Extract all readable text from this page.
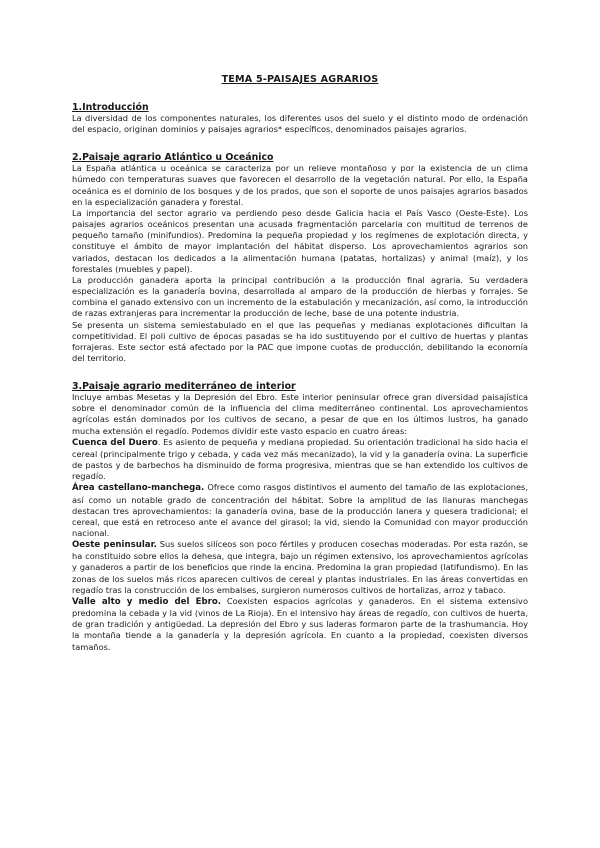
TEMA 5-PAISAJES AGRARIOS
1.Introducción

La diversidad de los componentes naturales, los diferentes usos del suelo y el distinto modo de ordenación del espacio, originan dominios y paisajes agrarios* específicos, denominados paisajes agrarios.

2.Paisaje agrario Atlántico u Oceánico

La España atlántica u oceánica se caracteriza por un relieve montañoso y por la existencia de un clima húmedo con temperaturas suaves que favorecen el desarrollo de la vegetación natural. Por ello, la España oceánica es el dominio de los bosques y de los prados, que son el soporte de unos paisajes agrarios basados en la especialización ganadera y forestal.

La importancia del sector agrario va perdiendo peso desde Galicia hacia el País Vasco (Oeste-Este). Los paisajes agrarios oceánicos presentan una acusada fragmentación parcelaria con multitud de terrenos de pequeño tamaño (minifundios). Predomina la pequeña propiedad y los regímenes de explotación directa, y constituye el ámbito de mayor implantación del hábitat disperso. Los aprovechamientos agrarios son variados, destacan los dedicados a la alimentación humana (patatas, hortalizas) y animal (maíz), y los forestales (muebles y papel).

La producción ganadera aporta la principal contribución a la producción final agraria. Su verdadera especialización es la ganadería bovina, desarrollada al amparo de la producción de hierbas y forrajes. Se combina el ganado extensivo con un incremento de la estabulación y mecanización, así como, la introducción de razas extranjeras para incrementar la producción de leche, base de una potente industria.

Se presenta un sistema semiestabulado en el que las pequeñas y medianas explotaciones dificultan la competitividad. El poli cultivo de épocas pasadas se ha ido sustituyendo por el cultivo de huertas y plantas forrajeras. Este sector está afectado por la PAC que impone cuotas de producción, debilitando la economía del territorio.

3.Paisaje agrario mediterráneo de interior

Incluye ambas Mesetas y la Depresión del Ebro. Este interior peninsular ofrece gran diversidad paisajística sobre el denominador común de la influencia del clima mediterráneo continental. Los aprovechamientos agrícolas están dominados por los cultivos de secano, a pesar de que en los últimos lustros, ha ganado mucha extensión el regadío. Podemos dividir este vasto espacio en cuatro áreas:

Cuenca del Duero. Es asiento de pequeña y mediana propiedad. Su orientación tradicional ha sido hacia el cereal (principalmente trigo y cebada, y cada vez más mecanizado), la vid y la ganadería ovina. La superficie de pastos y de barbechos ha disminuido de forma progresiva, mientras que se han extendido los cultivos de regadío.

Área castellano-manchega. Ofrece como rasgos distintivos el aumento del tamaño de las explotaciones, así como un notable grado de concentración del hábitat. Sobre la amplitud de las llanuras manchegas destacan tres aprovechamientos: la ganadería ovina, base de la producción lanera y quesera tradicional; el cereal, que está en retroceso ante el avance del girasol; la vid, siendo la Comunidad con mayor producción nacional.

Oeste peninsular. Sus suelos silíceos son poco fértiles y producen cosechas moderadas. Por esta razón, se ha constituido sobre ellos la dehesa, que integra, bajo un régimen extensivo, los aprovechamientos agrícolas y ganaderos a partir de los beneficios que rinde la encina. Predomina la gran propiedad (latifundismo). En las zonas de los suelos más ricos aparecen cultivos de cereal y plantas industriales. En las áreas convertidas en regadío tras la construcción de los embalses, surgieron numerosos cultivos de hortalizas, arroz y tabaco.

Valle alto y medio del Ebro. Coexisten espacios agrícolas y ganaderos. En el sistema extensivo predomina la cebada y la vid (vinos de La Rioja). En el intensivo hay áreas de regadío, con cultivos de huerta, de gran tradición y antigüedad. La depresión del Ebro y sus laderas formaron parte de la trashumancia. Hoy la montaña tiende a la ganadería y la depresión agrícola. En cuanto a la propiedad, coexisten diversos tamaños.
